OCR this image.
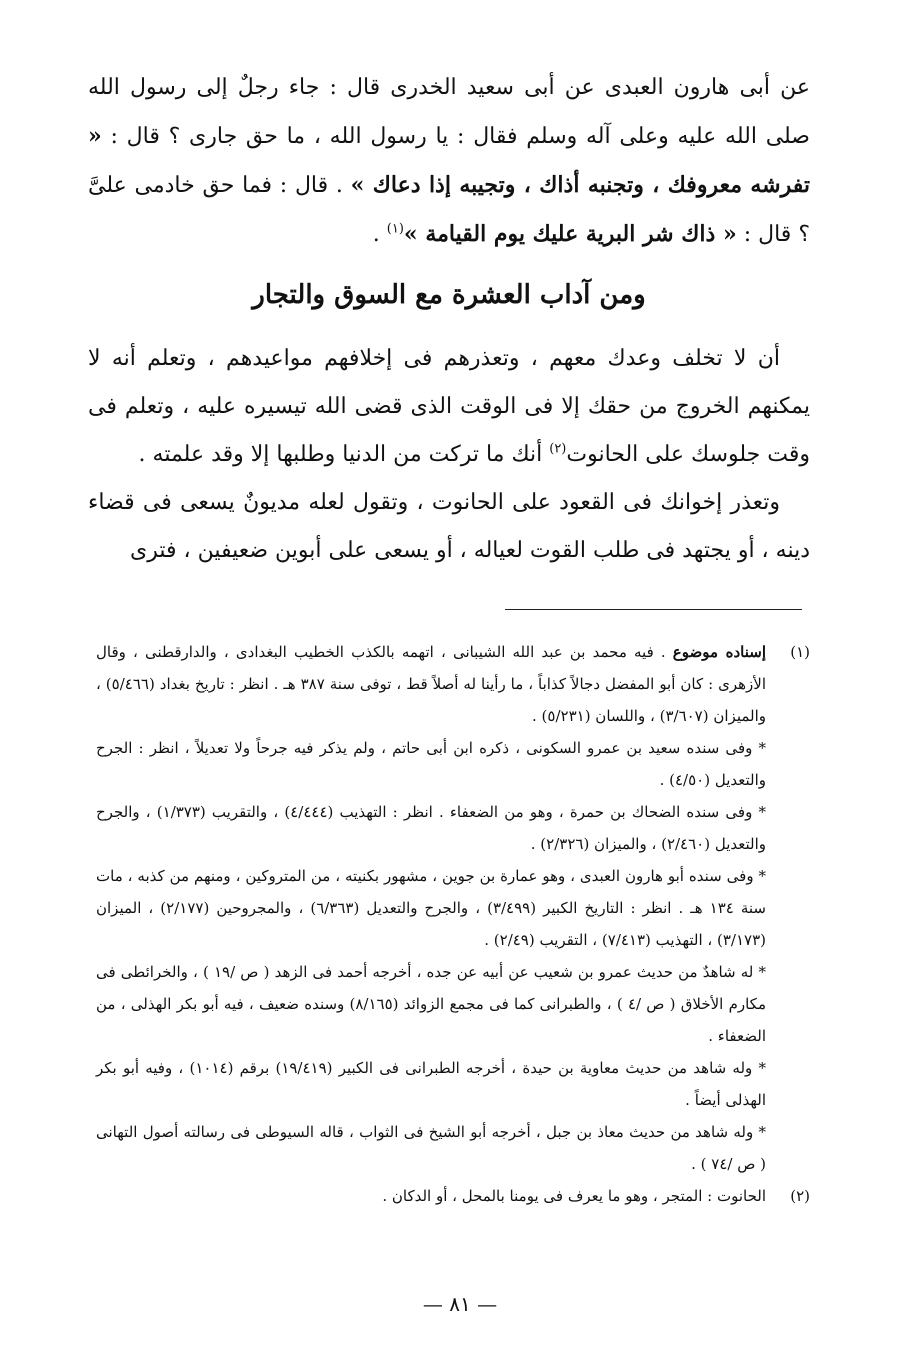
عن أبى هارون العبدى عن أبى سعيد الخدرى قال : جاء رجلٌ إلى رسول الله صلى الله عليه وعلى آله وسلم فقال : يا رسول الله ، ما حق جارى ؟ قال : « تفرشه معروفك ، وتجنبه أذاك ، وتجيبه إذا دعاك » . قال : فما حق خادمى علىَّ ؟ قال : « ذاك شر البرية عليك يوم القيامة »$^{(١)}$ .

ومن آداب العشرة مع السوق والتجار

أن لا تخلف وعدك معهم ، وتعذرهم فى إخلافهم مواعيدهم ، وتعلم أنه لا يمكنهم الخروج من حقك إلا فى الوقت الذى قضى الله تيسيره عليه ، وتعلم فى وقت جلوسك على الحانوت$^{(٢)}$ أنك ما تركت من الدنيا وطلبها إلا وقد علمته .

وتعذر إخوانك فى القعود على الحانوت ، وتقول لعله مديونٌ يسعى فى قضاء دينه ، أو يجتهد فى طلب القوت لعياله ، أو يسعى على أبوين ضعيفين ، فترى

(١)
إسناده موضوع . فيه محمد بن عبد الله الشيبانى ، اتهمه بالكذب الخطيب البغدادى ، والدارقطنى ، وقال الأزهرى : كان أبو المفضل دجالاً كذاباً ، ما رأينا له أصلاً قط ، توفى سنة ٣٨٧ هـ . انظر : تاريخ بغداد (٥/٤٦٦) ، والميزان (٣/٦٠٧) ، واللسان (٥/٢٣١) .

* وفى سنده سعيد بن عمرو السكونى ، ذكره ابن أبى حاتم ، ولم يذكر فيه جرحاً ولا تعديلاً ، انظر : الجرح والتعديل (٤/٥٠) .

* وفى سنده الضحاك بن حمرة ، وهو من الضعفاء . انظر : التهذيب (٤/٤٤٤) ، والتقريب (١/٣٧٣) ، والجرح والتعديل (٢/٤٦٠) ، والميزان (٢/٣٢٦) .

* وفى سنده أبو هارون العبدى ، وهو عمارة بن جوين ، مشهور بكنيته ، من المتروكين ، ومنهم من كذبه ، مات سنة ١٣٤ هـ . انظر : التاريخ الكبير (٣/٤٩٩) ، والجرح والتعديل (٦/٣٦٣) ، والمجروحين (٢/١٧٧) ، الميزان (٣/١٧٣) ، التهذيب (٧/٤١٣) ، التقريب (٢/٤٩) .

* له شاهدٌ من حديث عمرو بن شعيب عن أبيه عن جده ، أخرجه أحمد فى الزهد ( ص /١٩ ) ، والخرائطى فى مكارم الأخلاق ( ص /٤ ) ، والطبرانى كما فى مجمع الزوائد (٨/١٦٥) وسنده ضعيف ، فيه أبو بكر الهذلى ، من الضعفاء .

* وله شاهد من حديث معاوية بن حيدة ، أخرجه الطبرانى فى الكبير (١٩/٤١٩) برقم (١٠١٤) ، وفيه أبو بكر الهذلى أيضاً .

* وله شاهد من حديث معاذ بن جبل ، أخرجه أبو الشيخ فى الثواب ، قاله السيوطى فى رسالته أصول التهانى ( ص /٧٤ ) .

(٢)
الحانوت : المتجر ، وهو ما يعرف فى يومنا بالمحل ، أو الدكان .

— ٨١ —
